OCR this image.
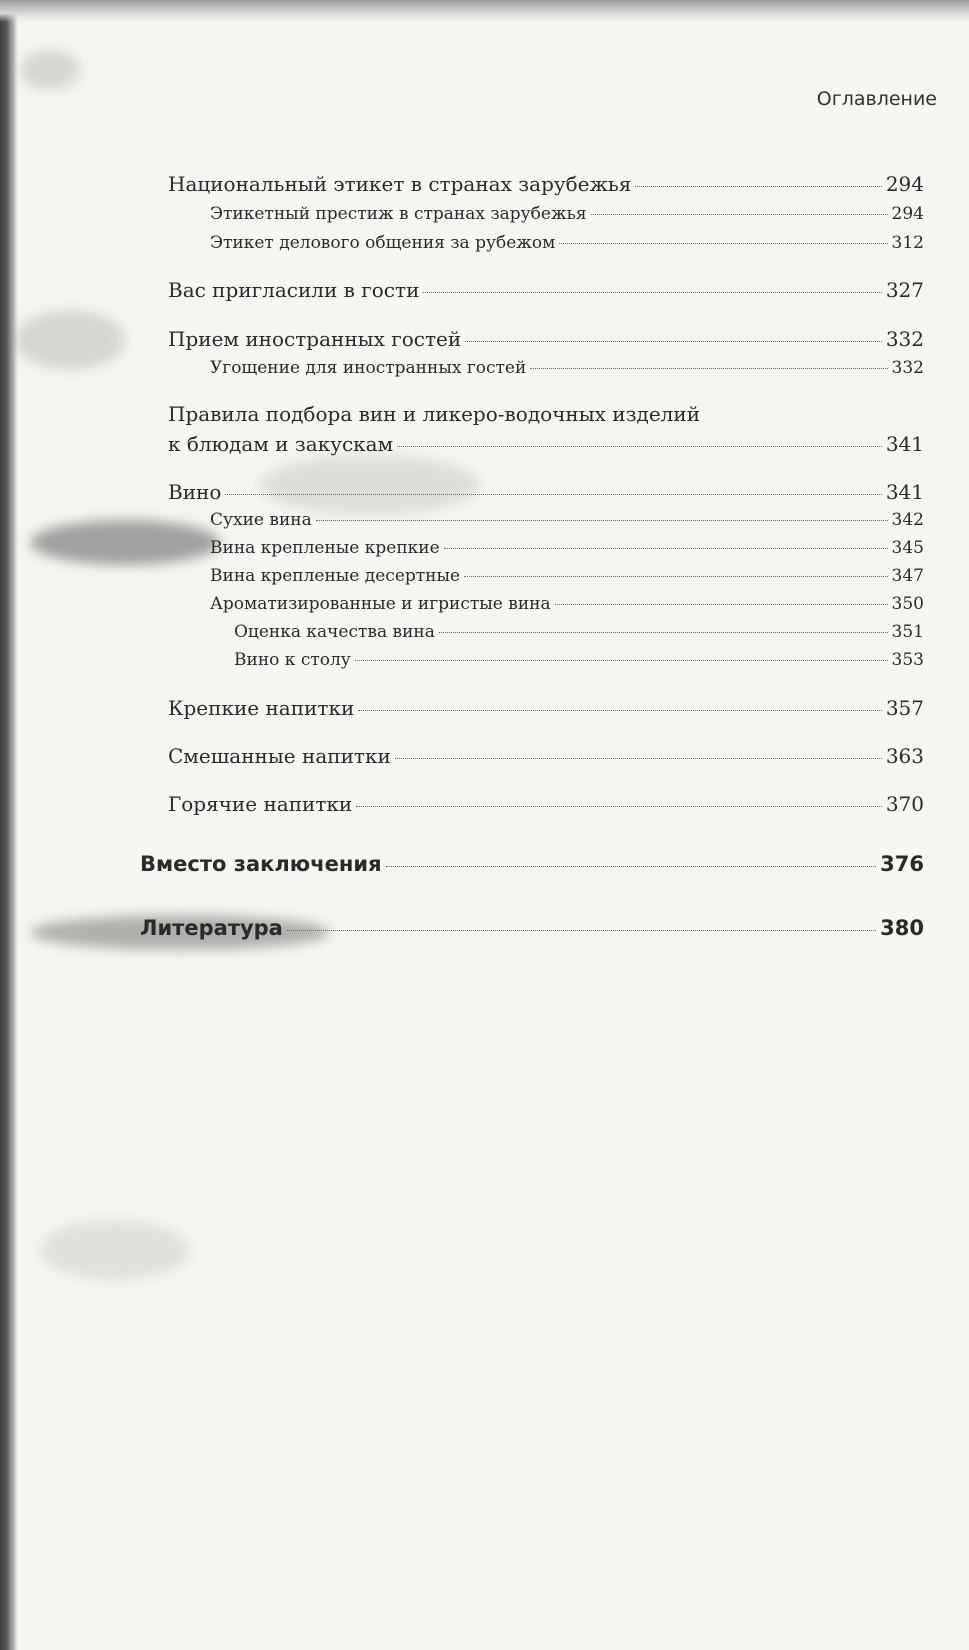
Оглавление
Национальный этикет в странах зарубежья	294
Этикетный престиж в странах зарубежья	294
Этикет делового общения за рубежом	312
Вас пригласили в гости	327
Прием иностранных гостей	332
Угощение для иностранных гостей	332
Правила подбора вин и ликеро-водочных изделий
к блюдам и закускам	341
Вино	341
Сухие вина	342
Вина крепленые крепкие	345
Вина крепленые десертные	347
Ароматизированные и игристые вина	350
Оценка качества вина	351
Вино к столу	353
Крепкие напитки	357
Смешанные напитки	363
Горячие напитки	370
Вместо заключения	376
Литература	380
